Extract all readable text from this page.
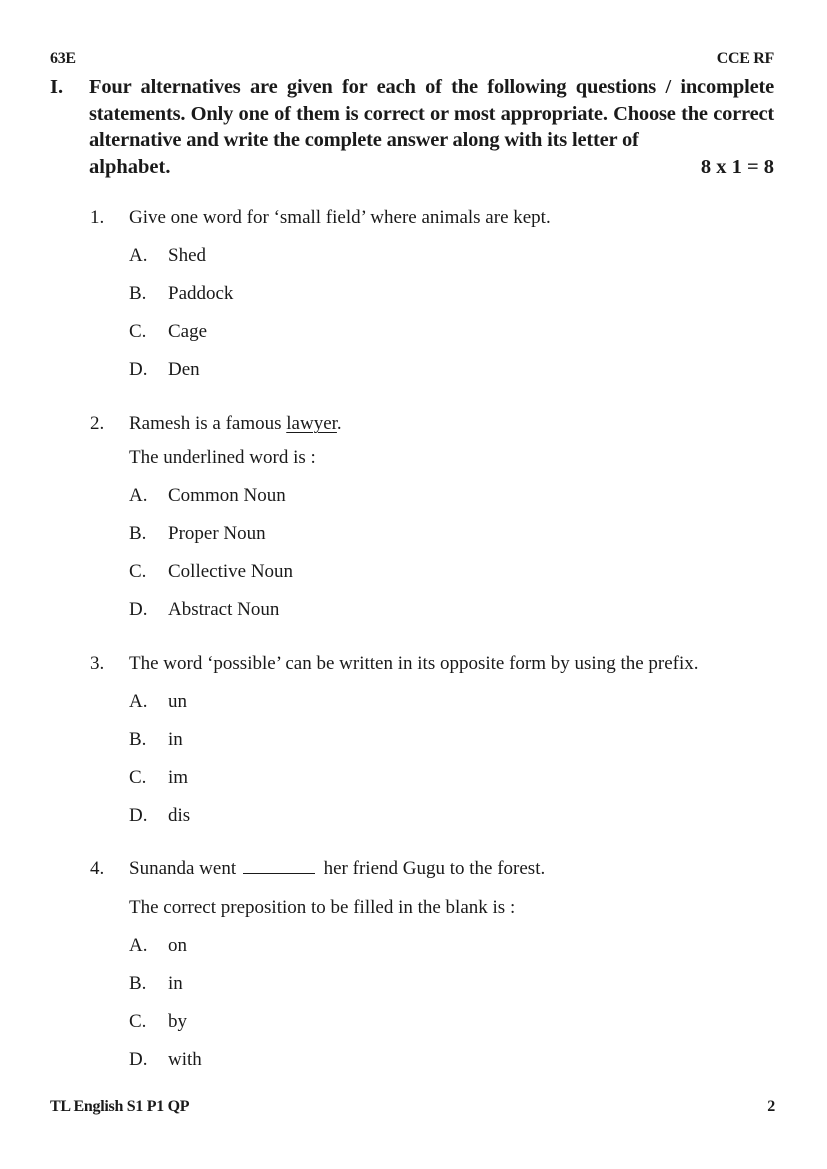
63E	CCE RF
I. Four alternatives are given for each of the following questions / incomplete statements. Only one of them is correct or most appropriate. Choose the correct alternative and write the complete answer along with its letter of
alphabet.	8 x 1 = 8
1. Give one word for ‘small field’ where animals are kept.
A. Shed
B. Paddock
C. Cage
D. Den
2. Ramesh is a famous lawyer.
The underlined word is :
A. Common Noun
B. Proper Noun
C. Collective Noun
D. Abstract Noun
3. The word ‘possible’ can be written in its opposite form by using the prefix.
A. un
B. in
C. im
D. dis
4. Sunanda went	her friend Gugu to the forest.
The correct preposition to be filled in the blank is :
A. on
B. in
C. by
D. with
TL English S1 P1 QP	2
